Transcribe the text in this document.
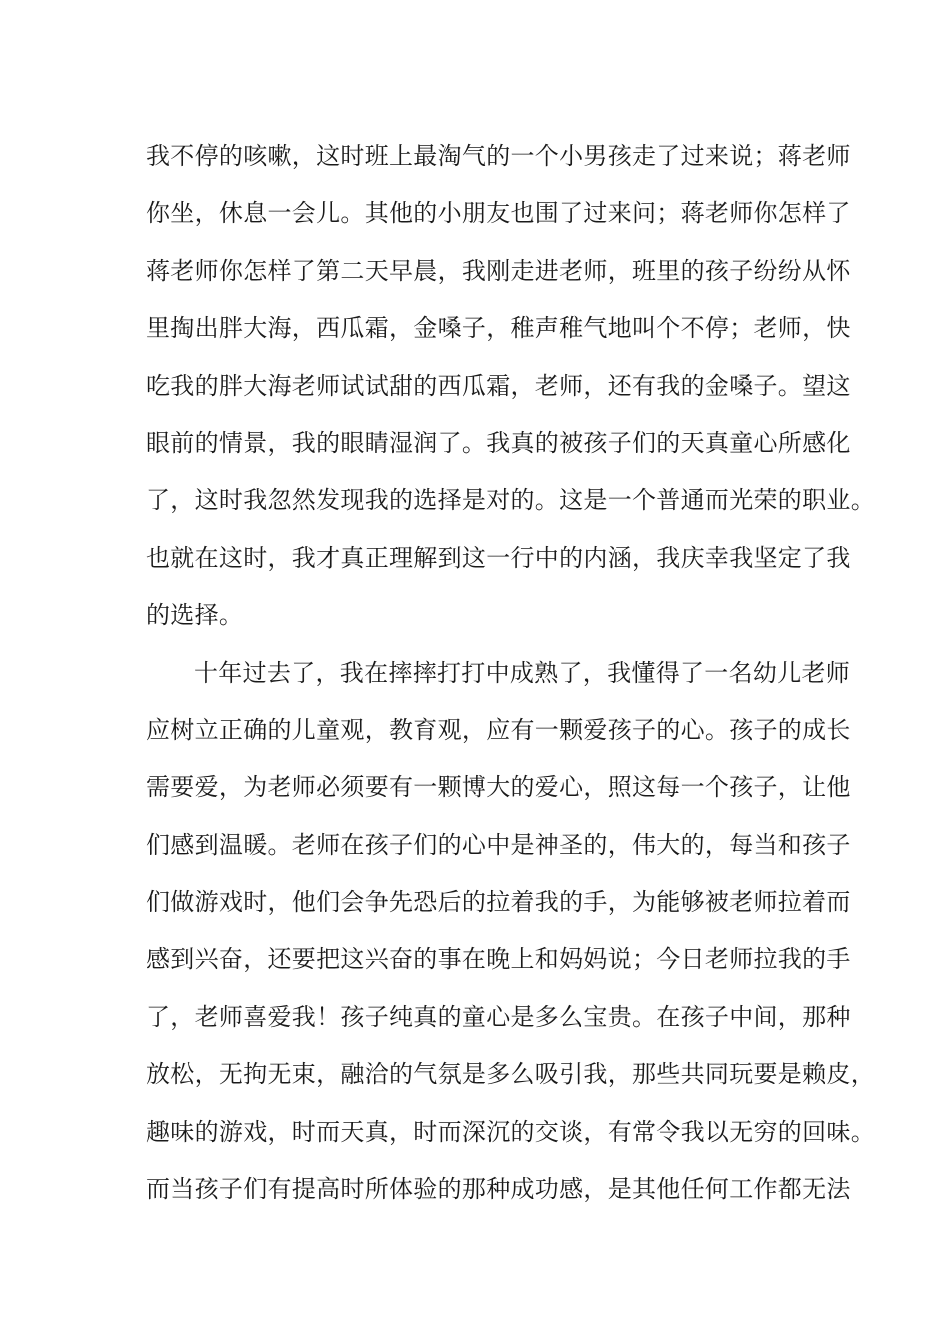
我不停的咳嗽，这时班上最淘气的一个小男孩走了过来说；蒋老师
你坐，休息一会儿。其他的小朋友也围了过来问；蒋老师你怎样了
蒋老师你怎样了第二天早晨，我刚走进老师，班里的孩子纷纷从怀
里掏出胖大海，西瓜霜，金嗓子，稚声稚气地叫个不停；老师，快
吃我的胖大海老师试试甜的西瓜霜，老师，还有我的金嗓子。望这
眼前的情景，我的眼睛湿润了。我真的被孩子们的天真童心所感化
了，这时我忽然发现我的选择是对的。这是一个普通而光荣的职业。
也就在这时，我才真正理解到这一行中的内涵，我庆幸我坚定了我
的选择。
十年过去了，我在摔摔打打中成熟了，我懂得了一名幼儿老师
应树立正确的儿童观，教育观，应有一颗爱孩子的心。孩子的成长
需要爱，为老师必须要有一颗博大的爱心，照这每一个孩子，让他
们感到温暖。老师在孩子们的心中是神圣的，伟大的，每当和孩子
们做游戏时，他们会争先恐后的拉着我的手，为能够被老师拉着而
感到兴奋，还要把这兴奋的事在晚上和妈妈说；今日老师拉我的手
了，老师喜爱我！孩子纯真的童心是多么宝贵。在孩子中间，那种
放松，无拘无束，融洽的气氛是多么吸引我，那些共同玩要是赖皮，
趣味的游戏，时而天真，时而深沉的交谈，有常令我以无穷的回味。
而当孩子们有提高时所体验的那种成功感，是其他任何工作都无法
